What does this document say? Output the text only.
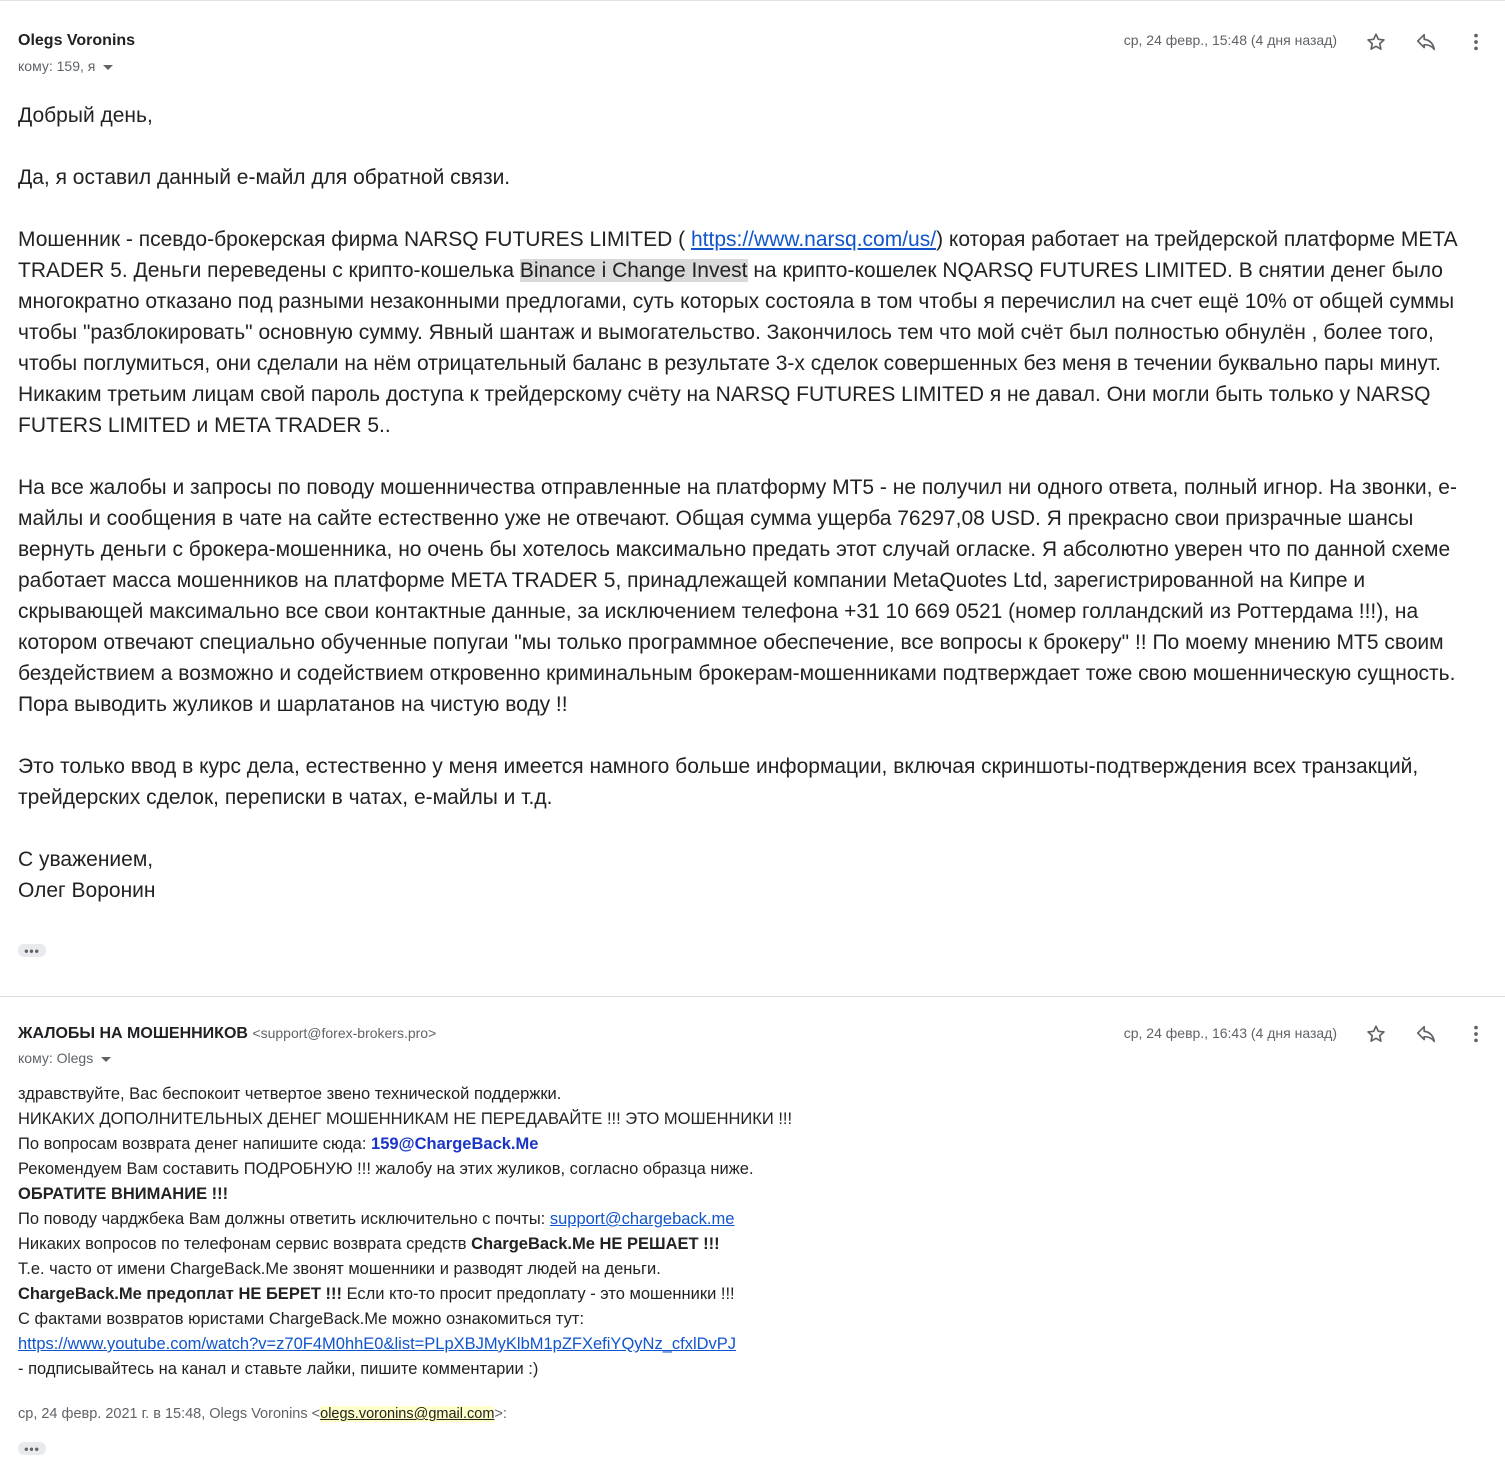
Olegs Voronins
кому: 159, я
ср, 24 февр., 15:48 (4 дня назад)

Добрый день,

Да, я оставил данный е-майл для обратной связи.

Мошенник - псевдо-брокерская фирма NARSQ FUTURES LIMITED ( https://www.narsq.com/us/) которая работает на трейдерской платформе META TRADER 5. Деньги переведены с крипто-кошелька Binance i Change Invest на крипто-кошелек NQARSQ FUTURES LIMITED. В снятии денег было многократно отказано под разными незаконными предлогами, суть которых состояла в том чтобы я перечислил на счет ещё 10% от общей суммы чтобы "разблокировать" основную сумму. Явный шантаж и вымогательство. Закончилось тем что мой счёт был полностью обнулён , более того, чтобы поглумиться, они сделали на нём отрицательный баланс в результате 3-х сделок совершенных без меня в течении буквально пары минут. Никаким третьим лицам свой пароль доступа к трейдерскому счёту на NARSQ FUTURES LIMITED я не давал. Они могли быть только у NARSQ FUTERS LIMITED и META TRADER 5..

На все жалобы и запросы по поводу мошенничества отправленные на платформу МТ5 - не получил ни одного ответа, полный игнор. На звонки, е-майлы и сообщения в чате на сайте естественно уже не отвечают. Общая сумма ущерба 76297,08 USD. Я прекрасно свои призрачные шансы вернуть деньги с брокера-мошенника, но очень бы хотелось максимально предать этот случай огласке. Я абсолютно уверен что по данной схеме работает масса мошенников на платформе META TRADER 5, принадлежащей компании MetaQuotes Ltd, зарегистрированной на Кипре и скрывающей максимально все свои контактные данные, за исключением телефона +31 10 669 0521 (номер голландский из Роттердама !!!), на котором отвечают специально обученные попугаи "мы только программное обеспечение, все вопросы к брокеру" !! По моему мнению МТ5 своим бездействием а возможно и содействием откровенно криминальным брокерам-мошенниками подтверждает тоже свою мошенническую сущность. Пора выводить жуликов и шарлатанов на чистую воду !!

Это только ввод в курс дела, естественно у меня имеется намного больше информации, включая скриншоты-подтверждения всех транзакций, трейдерских сделок, переписки в чатах, е-майлы и т.д.

С уважением,

Олег Воронин

•••
ЖАЛОБЫ НА МОШЕННИКОВ <support@forex-brokers.pro>
кому: Olegs
ср, 24 февр., 16:43 (4 дня назад)

здравствуйте, Вас беспокоит четвертое звено технической поддержки.

НИКАКИХ ДОПОЛНИТЕЛЬНЫХ ДЕНЕГ МОШЕННИКАМ НЕ ПЕРЕДАВАЙТЕ !!! ЭТО МОШЕННИКИ !!!

По вопросам возврата денег напишите сюда: 159@ChargeBack.Me

Рекомендуем Вам составить ПОДРОБНУЮ !!! жалобу на этих жуликов, согласно образца ниже.

ОБРАТИТЕ ВНИМАНИЕ !!!

По поводу чарджбека Вам должны ответить исключительно с почты: support@chargeback.me

Никаких вопросов по телефонам сервис возврата средств ChargeBack.Me НЕ РЕШАЕТ !!!

Т.е. часто от имени ChargeBack.Me звонят мошенники и разводят людей на деньги.

ChargeBack.Me предоплат НЕ БЕРЕТ !!! Если кто-то просит предоплату - это мошенники !!!

С фактами возвратов юристами ChargeBack.Me можно ознакомиться тут:

https://www.youtube.com/watch?v=z70F4M0hhE0&list=PLpXBJMyKlbM1pZFXefiYQyNz_cfxlDvPJ

- подписывайтесь на канал и ставьте лайки, пишите комментарии :)

ср, 24 февр. 2021 г. в 15:48, Olegs Voronins <olegs.voronins@gmail.com>:
•••
